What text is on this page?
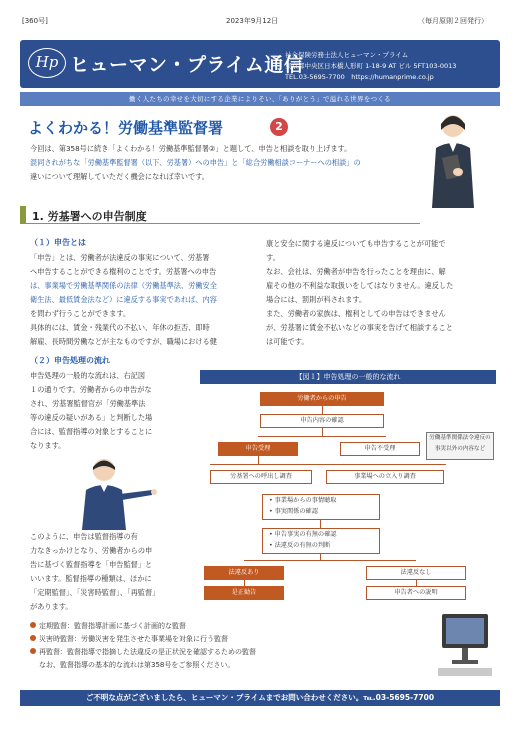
[360号]	2023年9月12日	（毎月原則２回発行）
Hp ヒューマン・プライム通信
社会保険労務士法人ヒューマン・プライム
東京都中央区日本橋人形町 1-18-9 AT ビル 5FT103-0013
TEL.03-5695-7700　https://humanprime.co.jp
働く人たちの幸せを大切にする企業によりそい、「ありがとう」で溢れる世界をつくる
よくわかる！労働基準監督署	2
今回は、第358号に続き「よくわかる！労働基準監督署②」と題して、申告と相談を取り上げます。
混同されがちな「労働基準監督署（以下、労基署）への申告」と「総合労働相談コーナーへの相談」の
違いについて理解していただく機会になれば幸いです。
1. 労基署への申告制度
（１）申告とは
「申告」とは、労働者が法違反の事実について、労基署
へ申告することができる権利のことです。労基署への申告
は、事業場で労働基準関係の法律（労働基準法、労働安全
衛生法、最低賃金法など）に違反する事実であれば、内容
を問わず行うことができます。
具体的には、賃金・残業代の不払い、年休の拒否、即時
解雇、長時間労働などが主なものですが、職場における健
康と安全に関する違反についても申告することが可能で
す。
なお、会社は、労働者が申告を行ったことを理由に、解
雇その他の不利益な取扱いをしてはなりません。違反した
場合には、罰則が科されます。
また、労働者の家族は、権利としての申告はできません
が、労基署に賃金不払いなどの事実を告げて相談すること
は可能です。
（２）申告処理の流れ
申告処理の一般的な流れは、右記図
１の通りです。労働者からの申告がな
され、労基署監督官が「労働基準法
等の違反の疑いがある」と判断した場
合には、監督指導の対象とすることに
なります。
このように、申告は監督指導の有
力なきっかけとなり、労働者からの申
告に基づく監督指導を「申告監督」と
いいます。監督指導の種類は、ほかに
「定期監督」、「災害時監督」、「再監督」
があります。
【図１】申告処理の一般的な流れ
労働者からの申告
申告内容の確認
申告受理	申告不受理
労働基準関係法令違反の事実以外の内容など
労基署への呼出し調査	事業場への立入り調査
• 事業場からの事情聴取
• 事実関係の確認
• 申告事実の有無の確認
• 法違反の有無の判断
法違反あり	法違反なし
是正勧告	申告者への説明
定期監督：監督指導計画に基づく計画的な監督
災害時監督：労働災害を発生させた事業場を対象に行う監督
再監督：監督指導で指摘した法違反の是正状況を確認するための監督
なお、監督指導の基本的な流れは第358号をご参照ください。
ご不明な点がございましたら、ヒューマン・プライムまでお問い合わせください。℡.03-5695-7700
